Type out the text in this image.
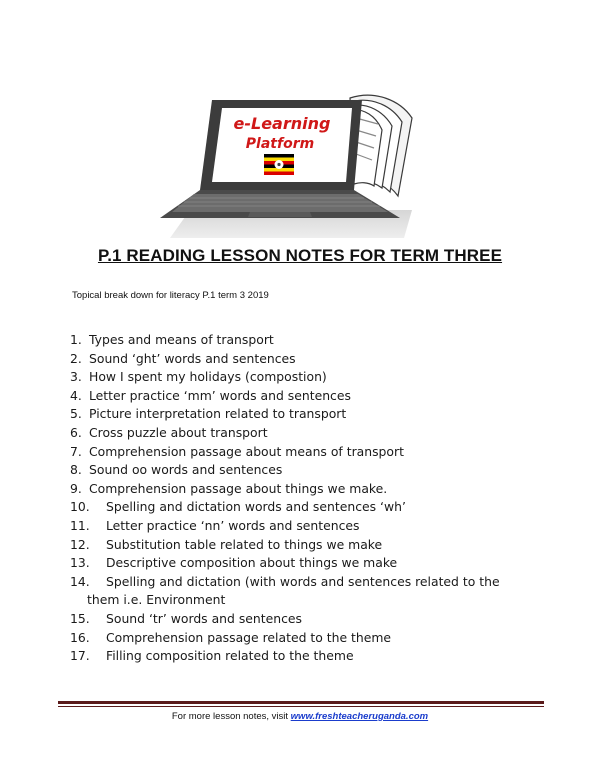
e-Learning
Platform
P.1 READING LESSON NOTES FOR TERM THREE
Topical break down for literacy P.1 term 3 2019
1. Types and means of transport
2. Sound ‘ght’ words and sentences
3. How I spent my holidays (compostion)
4. Letter practice ‘mm’ words and sentences
5. Picture interpretation related to transport
6. Cross puzzle about transport
7. Comprehension passage about means of transport
8. Sound oo words and sentences
9. Comprehension passage about things we make.
10. Spelling and dictation words and sentences ‘wh’
11. Letter practice ‘nn’ words and sentences
12. Substitution table related to things we make
13. Descriptive composition about things we make
14. Spelling and dictation (with words and sentences related to the
them i.e. Environment
15. Sound ‘tr’ words and sentences
16. Comprehension passage related to the theme
17. Filling composition related to the theme
For more lesson notes, visit www.freshteacheruganda.com
